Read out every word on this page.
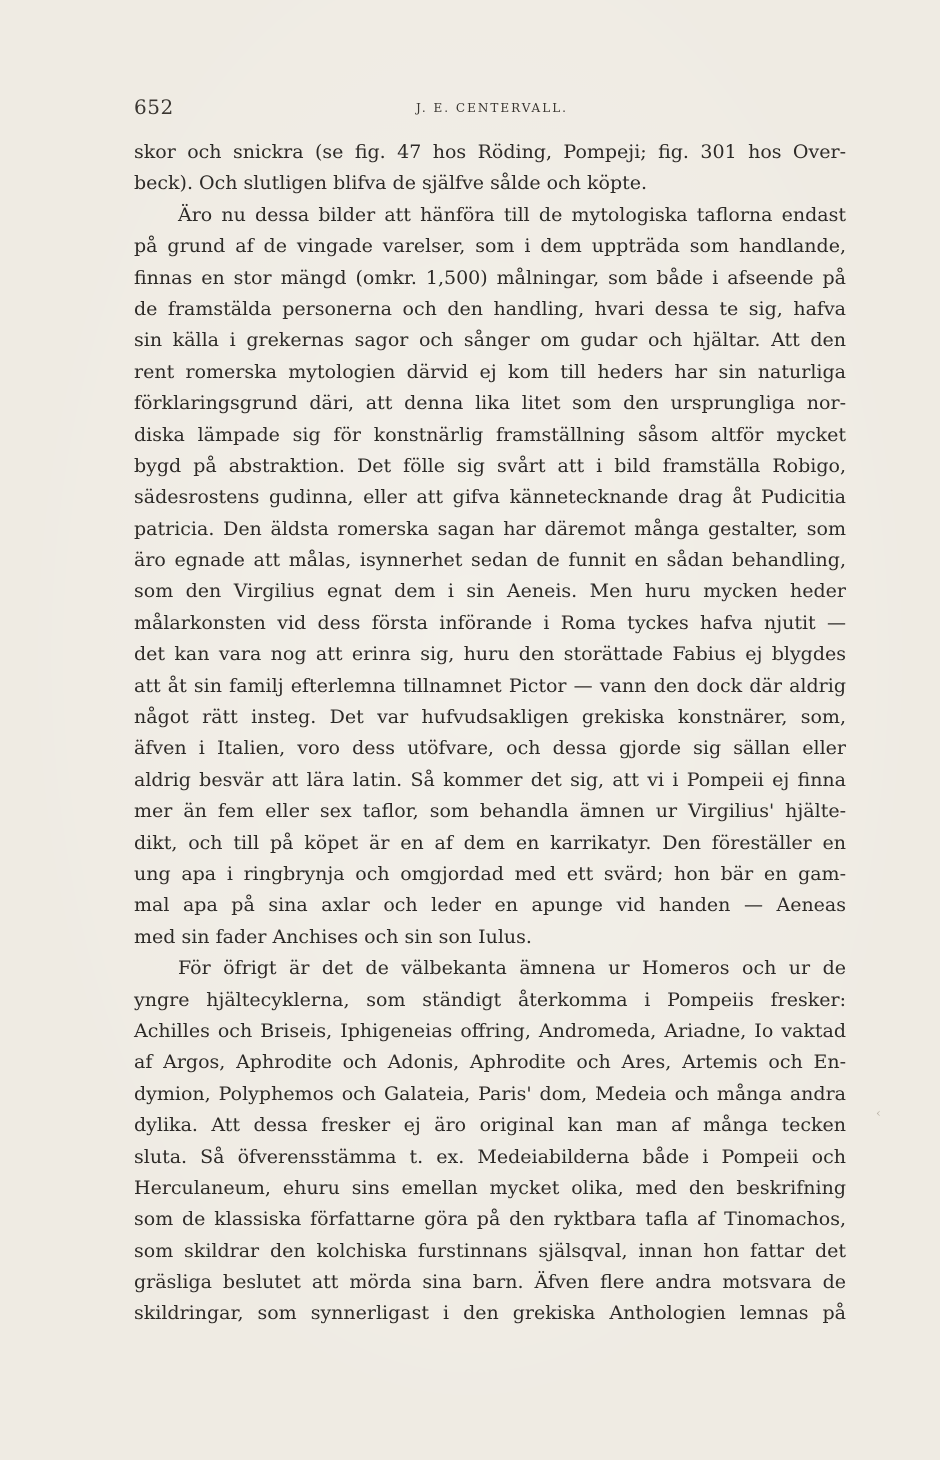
652	J. E. CENTERVALL.
skor och snickra (se fig. 47 hos Röding, Pompeji; fig. 301 hos Over-
beck). Och slutligen blifva de själfve sålde och köpte.
Äro nu dessa bilder att hänföra till de mytologiska taflorna endast
på grund af de vingade varelser, som i dem uppträda som handlande,
finnas en stor mängd (omkr. 1,500) målningar, som både i afseende på
de framstälda personerna och den handling, hvari dessa te sig, hafva
sin källa i grekernas sagor och sånger om gudar och hjältar. Att den
rent romerska mytologien därvid ej kom till heders har sin naturliga
förklaringsgrund däri, att denna lika litet som den ursprungliga nor-
diska lämpade sig för konstnärlig framställning såsom altför mycket
bygd på abstraktion. Det fölle sig svårt att i bild framställa Robigo,
sädesrostens gudinna, eller att gifva kännetecknande drag åt Pudicitia
patricia. Den äldsta romerska sagan har däremot många gestalter, som
äro egnade att målas, isynnerhet sedan de funnit en sådan behandling,
som den Virgilius egnat dem i sin Aeneis. Men huru mycken heder
målarkonsten vid dess första införande i Roma tyckes hafva njutit —
det kan vara nog att erinra sig, huru den storättade Fabius ej blygdes
att åt sin familj efterlemna tillnamnet Pictor — vann den dock där aldrig
något rätt insteg. Det var hufvudsakligen grekiska konstnärer, som,
äfven i Italien, voro dess utöfvare, och dessa gjorde sig sällan eller
aldrig besvär att lära latin. Så kommer det sig, att vi i Pompeii ej finna
mer än fem eller sex taflor, som behandla ämnen ur Virgilius' hjälte-
dikt, och till på köpet är en af dem en karrikatyr. Den föreställer en
ung apa i ringbrynja och omgjordad med ett svärd; hon bär en gam-
mal apa på sina axlar och leder en apunge vid handen — Aeneas
med sin fader Anchises och sin son Iulus.
För öfrigt är det de välbekanta ämnena ur Homeros och ur de
yngre hjältecyklerna, som ständigt återkomma i Pompeiis fresker:
Achilles och Briseis, Iphigeneias offring, Andromeda, Ariadne, Io vaktad
af Argos, Aphrodite och Adonis, Aphrodite och Ares, Artemis och En-
dymion, Polyphemos och Galateia, Paris' dom, Medeia och många andra
dylika. Att dessa fresker ej äro original kan man af många tecken
sluta. Så öfverensstämma t. ex. Medeiabilderna både i Pompeii och
Herculaneum, ehuru sins emellan mycket olika, med den beskrifning
som de klassiska författarne göra på den ryktbara tafla af Tinomachos,
som skildrar den kolchiska furstinnans själsqval, innan hon fattar det
gräsliga beslutet att mörda sina barn. Äfven flere andra motsvara de
skildringar, som synnerligast i den grekiska Anthologien lemnas på
‹
